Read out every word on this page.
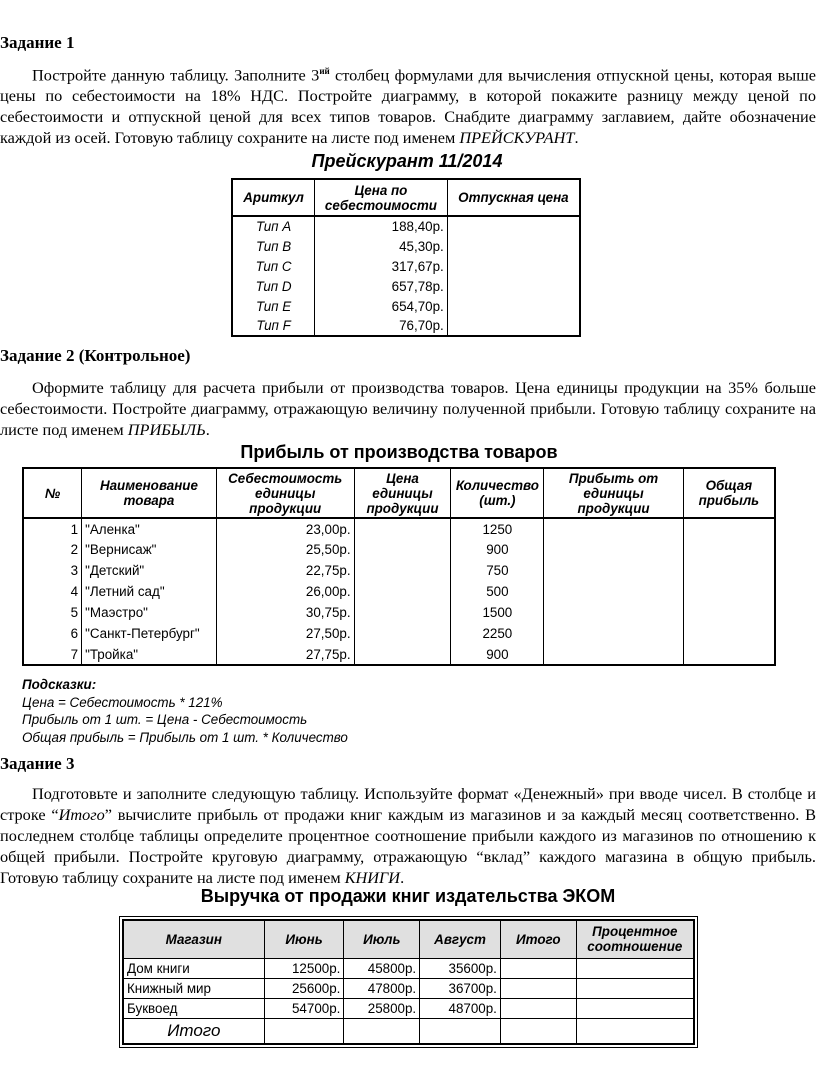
Задание 1
Постройте данную таблицу. Заполните $3^{ий}$ столбец формулами для вычисления отпускной цены, которая выше цены по себестоимости на 18% НДС. Постройте диаграмму, в которой покажите разницу между ценой по себестоимости и отпускной ценой для всех типов товаров. Снабдите диаграмму заглавием, дайте обозначение каждой из осей. Готовую таблицу сохраните на листе под именем ПРЕЙСКУРАНТ.
Прейскурант 11/2014
Ариткул	Цена по себестоимости	Отпускная цена
Тип А	188,40р.	
Тип В	45,30р.	
Тип С	317,67р.	
Тип D	657,78р.	
Тип Е	654,70р.	
Тип F	76,70р.	
Задание 2 (Контрольное)
Оформите таблицу для расчета прибыли от производства товаров. Цена единицы продукции на 35% больше себестоимости. Постройте диаграмму, отражающую величину полученной прибыли. Готовую таблицу сохраните на листе под именем ПРИБЫЛЬ.
Прибыль от производства товаров
№	Наименование товара	Себестоимость единицы продукции	Цена единицы продукции	Количество (шт.)	Прибыть от единицы продукции	Общая прибыль
1	"Аленка"	23,00р.		1250		
2	"Вернисаж"	25,50р.		900		
3	"Детский"	22,75р.		750		
4	"Летний сад"	26,00р.		500		
5	"Маэстро"	30,75р.		1500		
6	"Санкт-Петербург"	27,50р.		2250		
7	"Тройка"	27,75р.		900		
Подсказки:
Цена = Себестоимость * 121%
Прибыль от 1 шт. = Цена - Себестоимость
Общая прибыль = Прибыль от 1 шт. * Количество
Задание 3
Подготовьте и заполните следующую таблицу. Используйте формат «Денежный» при вводе чисел. В столбце и строке “Итого” вычислите прибыль от продажи книг каждым из магазинов и за каждый месяц соответственно. В последнем столбце таблицы определите процентное соотношение прибыли каждого из магазинов по отношению к общей прибыли. Постройте круговую диаграмму, отражающую “вклад” каждого магазина в общую прибыль. Готовую таблицу сохраните на листе под именем КНИГИ.
Выручка от продажи книг издательства ЭКОМ
Магазин	Июнь	Июль	Август	Итого	Процентное соотношение
Дом книги	12500р.	45800р.	35600р.		
Книжный мир	25600р.	47800р.	36700р.		
Буквоед	54700р.	25800р.	48700р.		
Итого					
